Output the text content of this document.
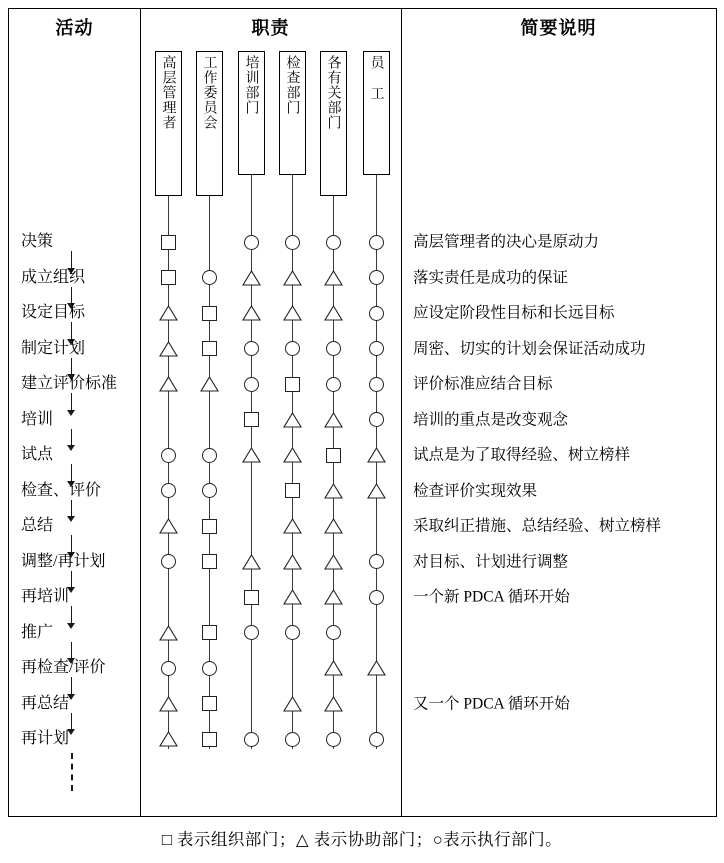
活动	职责	简要说明
高层管理者 工作委员会 培训部门 检查部门 各有关部门 员 工
决策
成立组织
设定目标
制定计划
建立评价标准
培训
试点
检查、评价
总结
调整/再计划
再培训
推广
再检查/评价
再总结
再计划
高层管理者的决心是原动力
落实责任是成功的保证
应设定阶段性目标和长远目标
周密、切实的计划会保证活动成功
评价标准应结合目标
培训的重点是改变观念
试点是为了取得经验、树立榜样
检查评价实现效果
采取纠正措施、总结经验、树立榜样
对目标、计划进行调整
一个新 PDCA 循环开始
又一个 PDCA 循环开始
□ 表示组织部门；△ 表示协助部门；○表示执行部门。
